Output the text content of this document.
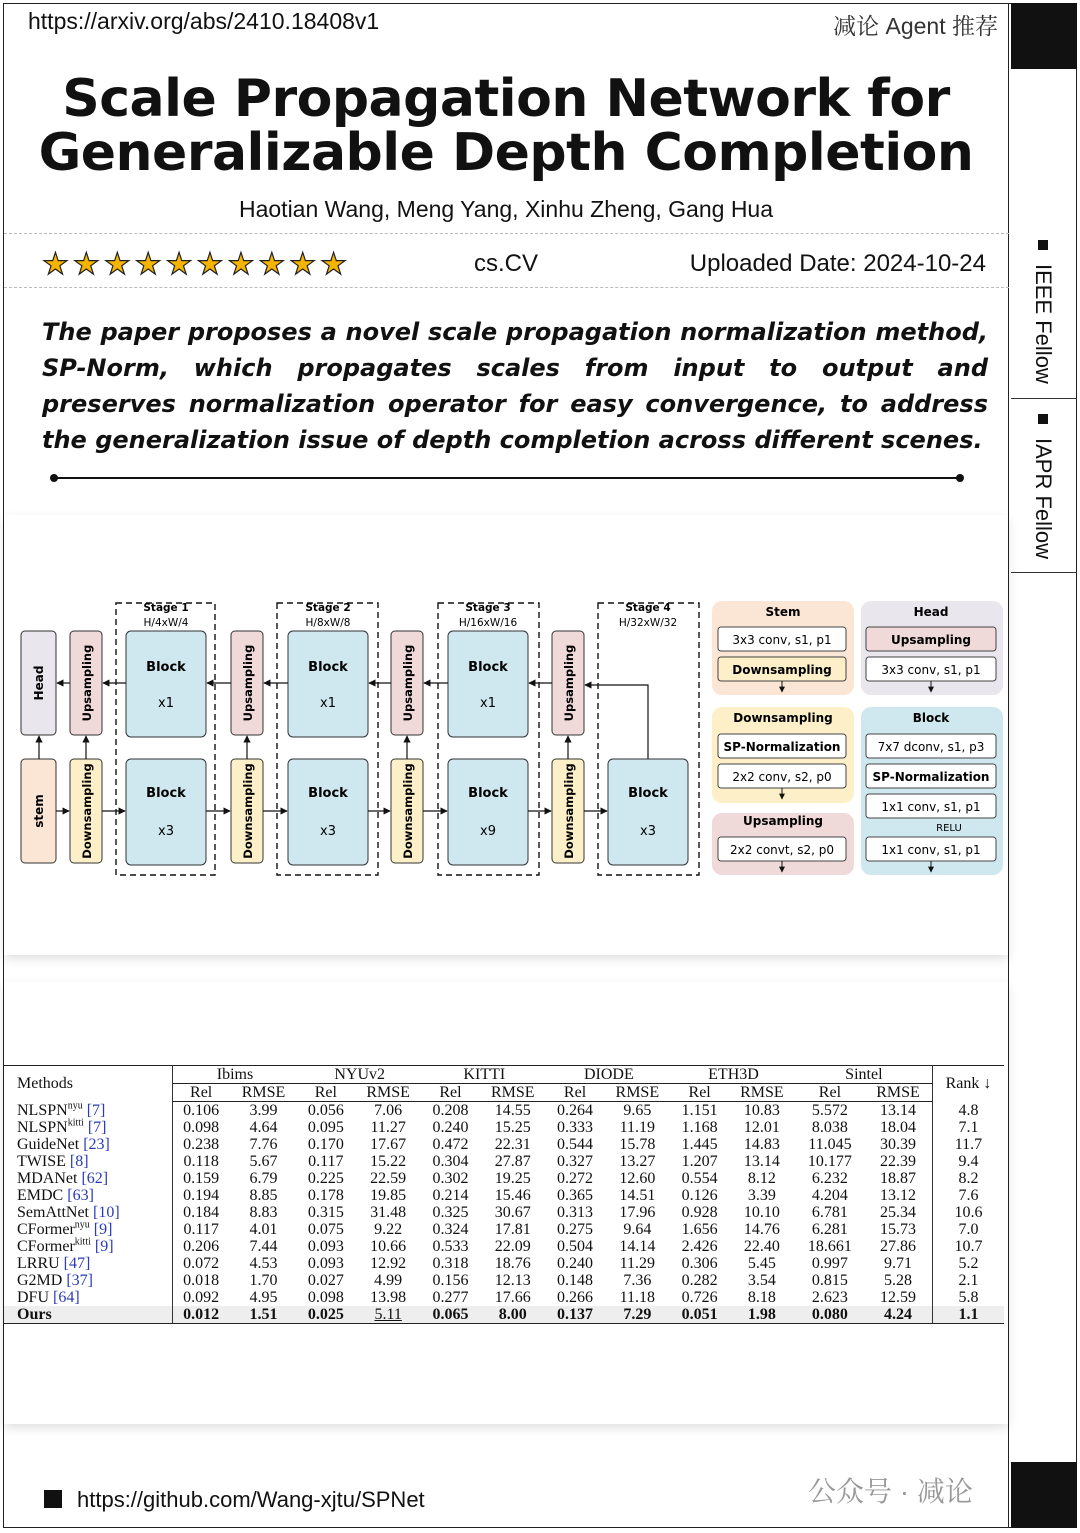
https://arxiv.org/abs/2410.18408v1	减论 Agent 推荐
Scale Propagation Network for
Generalizable Depth Completion
Haotian Wang, Meng Yang, Xinhu Zheng, Gang Hua
★ ★ ★ ★ ★ ★ ★ ★ ★ ★	cs.CV	Uploaded Date: 2024-10-24
The paper proposes a novel scale propagation normalization method, SP-Norm, which propagates scales from input to output and preserves normalization operator for easy convergence, to address the generalization issue of depth completion across different scenes.
IEEE Fellow
IAPR Fellow
Stage 1	Stage 2	Stage 3	Stage 4
H/4xW/4	H/8xW/8	H/16xW/16	H/32xW/32
Head
stem
Upsampling
Downsampling
Upsampling
Downsampling
Upsampling
Downsampling
Upsampling
Downsampling
Block
x1
Block
x3
Block
x1
Block
x3
Block
x1
Block
x9
Block
x3
Stem
3x3 conv, s1, p1
Downsampling
Head
Upsampling
3x3 conv, s1, p1
Downsampling
SP-Normalization
2x2 conv, s2, p0
Upsampling
2x2 convt, s2, p0
Block
7x7 dconv, s1, p3
SP-Normalization
1x1 conv, s1, p1
RELU
1x1 conv, s1, p1
Methods	Ibims		NYUv2		KITTI		DIODE		ETH3D		Sintel		Rank ↓
	Rel	RMSE	Rel	RMSE	Rel	RMSE	Rel	RMSE	Rel	RMSE	Rel	RMSE	
$NLSPN^{nyu}$ [7]	0.106	3.99	0.056	7.06	0.208	14.55	0.264	9.65	1.151	10.83	5.572	13.14	4.8
$NLSPN^{kitti}$ [7]	0.098	4.64	0.095	11.27	0.240	15.25	0.333	11.19	1.168	12.01	8.038	18.04	7.1
GuideNet [23]	0.238	7.76	0.170	17.67	0.472	22.31	0.544	15.78	1.445	14.83	11.045	30.39	11.7
TWISE [8]	0.118	5.67	0.117	15.22	0.304	27.87	0.327	13.27	1.207	13.14	10.177	22.39	9.4
MDANet [62]	0.159	6.79	0.225	22.59	0.302	19.25	0.272	12.60	0.554	8.12	6.232	18.87	8.2
EMDC [63]	0.194	8.85	0.178	19.85	0.214	15.46	0.365	14.51	0.126	3.39	4.204	13.12	7.6
SemAttNet [10]	0.184	8.83	0.315	31.48	0.325	30.67	0.313	17.96	0.928	10.10	6.781	25.34	10.6
CFormer$^{nyu}$ [9]	0.117	4.01	0.075	9.22	0.324	17.81	0.275	9.64	1.656	14.76	6.281	15.73	7.0
CFormer$^{kitti}$ [9]	0.206	7.44	0.093	10.66	0.533	22.09	0.504	14.14	2.426	22.40	18.661	27.86	10.7
LRRU [47]	0.072	4.53	0.093	12.92	0.318	18.76	0.240	11.29	0.306	5.45	0.997	9.71	5.2
G2MD [37]	0.018	1.70	0.027	4.99	0.156	12.13	0.148	7.36	0.282	3.54	0.815	5.28	2.1
DFU [64]	0.092	4.95	0.098	13.98	0.277	17.66	0.266	11.18	0.726	8.18	2.623	12.59	5.8
Ours	0.012	1.51	0.025	5.11	0.065	8.00	0.137	7.29	0.051	1.98	0.080	4.24	1.1
https://github.com/Wang-xjtu/SPNet	公众号 · 减论
